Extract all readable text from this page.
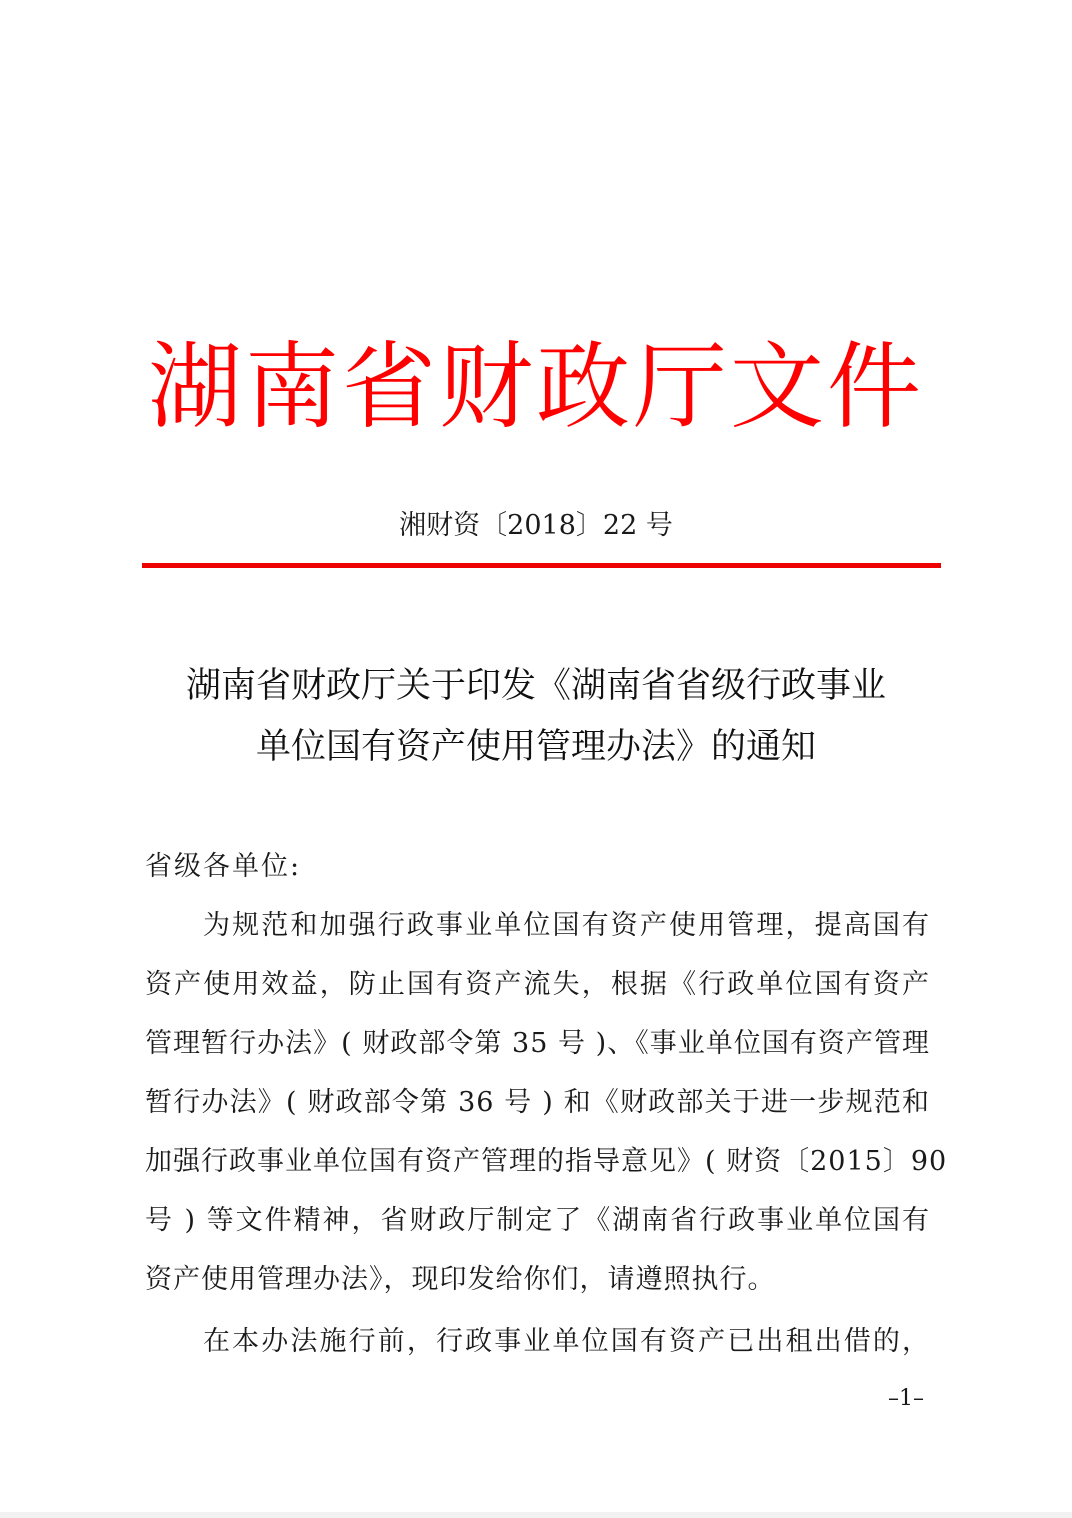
湖南省财政厅文件
湘财资〔2018〕22 号
湖南省财政厅关于印发《湖南省省级行政事业
单位国有资产使用管理办法》的通知
省级各单位:
为规范和加强行政事业单位国有资产使用管理，提高国有
资产使用效益，防止国有资产流失，根据《行政单位国有资产
管理暂行办法》( 财政部令第 35 号 )、《事业单位国有资产管理
暂行办法》( 财政部令第 36 号 ) 和《财政部关于进一步规范和
加强行政事业单位国有资产管理的指导意见》( 财资〔2015〕90
号 ) 等文件精神，省财政厅制定了《湖南省行政事业单位国有
资产使用管理办法》，现印发给你们，请遵照执行。
在本办法施行前，行政事业单位国有资产已出租出借的，
–1–
